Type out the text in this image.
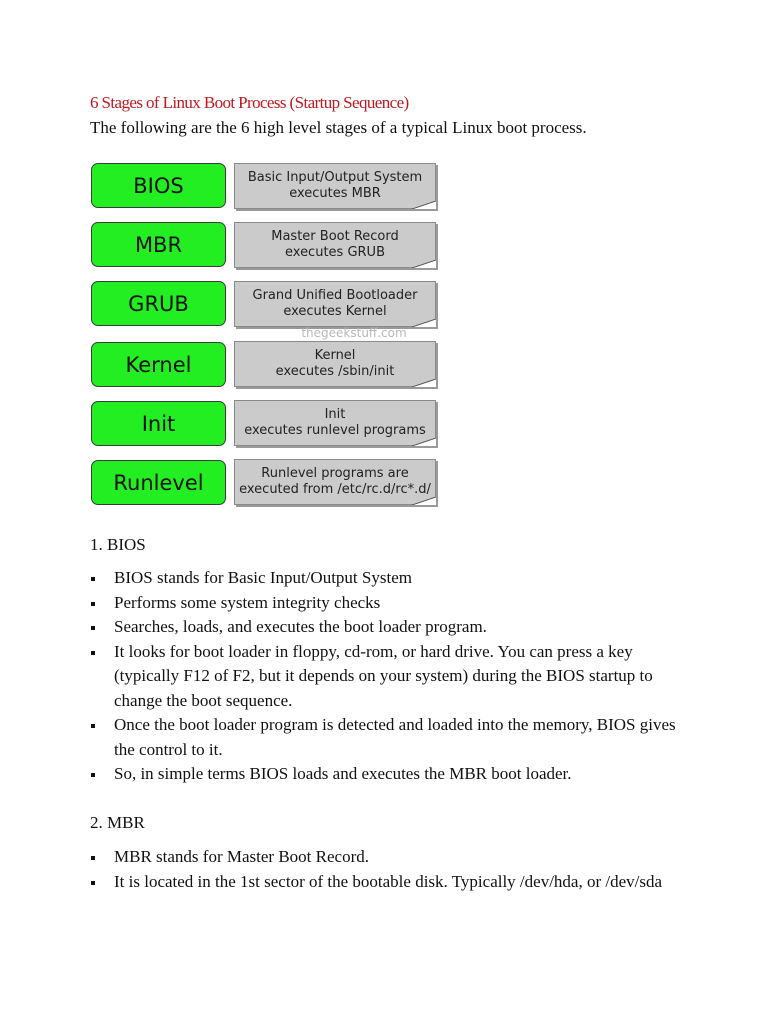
6 Stages of Linux Boot Process (Startup Sequence)

The following are the 6 high level stages of a typical Linux boot process.

BIOS	Basic Input/Output System
executes MBR
MBR	Master Boot Record
executes GRUB
GRUB	Grand Unified Bootloader
executes Kernel
Kernel	Kernel
executes /sbin/init
Init	Init
executes runlevel programs
Runlevel	Runlevel programs are
executed from /etc/rc.d/rc*.d/
thegeekstuff.com
1. BIOS
BIOS stands for Basic Input/Output System
Performs some system integrity checks
Searches, loads, and executes the boot loader program.
It looks for boot loader in floppy, cd-rom, or hard drive. You can press a key (typically F12 of F2, but it depends on your system) during the BIOS startup to change the boot sequence.
Once the boot loader program is detected and loaded into the memory, BIOS gives the control to it.
So, in simple terms BIOS loads and executes the MBR boot loader.
2. MBR
MBR stands for Master Boot Record.
It is located in the 1st sector of the bootable disk. Typically /dev/hda, or /dev/sda
